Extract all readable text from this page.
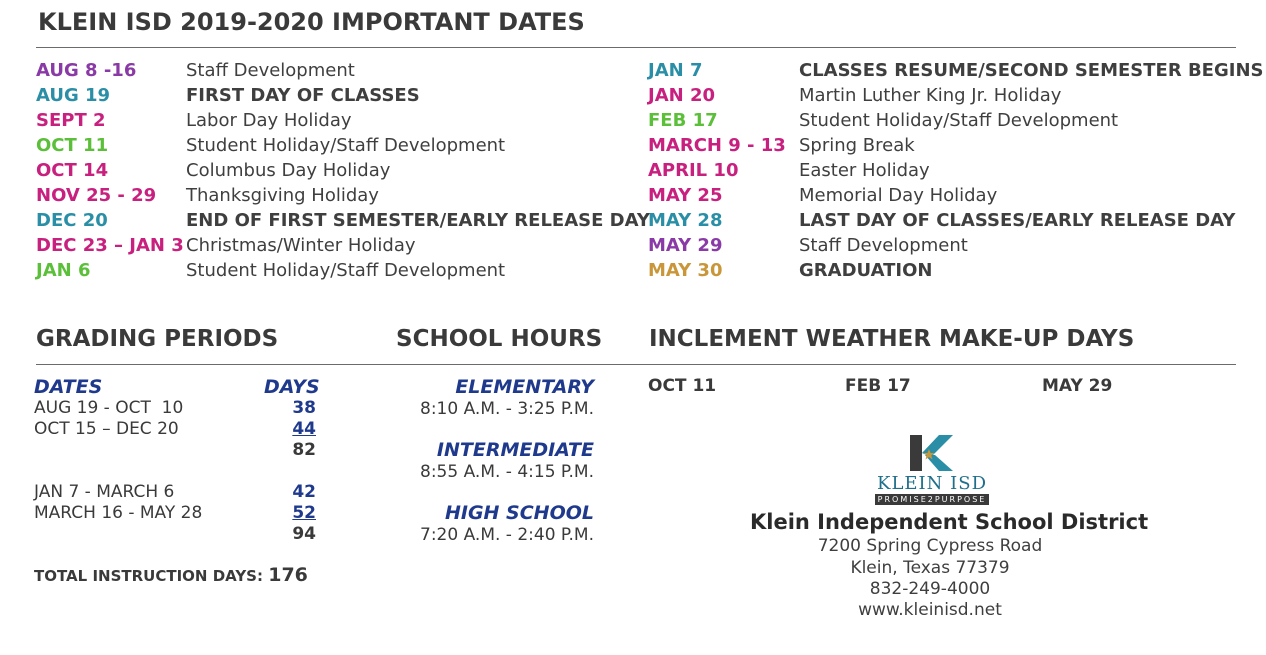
KLEIN ISD 2019-2020 IMPORTANT DATES
AUG 8 -16	Staff Development
AUG 19	FIRST DAY OF CLASSES
SEPT 2	Labor Day Holiday
OCT 11	Student Holiday/Staff Development
OCT 14	Columbus Day Holiday
NOV 25 - 29 Thanksgiving Holiday
DEC 20	END OF FIRST SEMESTER/EARLY RELEASE DAY
DEC 23 – JAN 3 Christmas/Winter Holiday
JAN 6	Student Holiday/Staff Development
JAN 7	CLASSES RESUME/SECOND SEMESTER BEGINS
JAN 20	Martin Luther King Jr. Holiday
FEB 17	Student Holiday/Staff Development
MARCH 9 - 13 Spring Break
APRIL 10	Easter Holiday
MAY 25	Memorial Day Holiday
MAY 28	LAST DAY OF CLASSES/EARLY RELEASE DAY
MAY 29	Staff Development
MAY 30	GRADUATION
GRADING PERIODS
DATES	DAYS
AUG 19 - OCT  10	38
OCT 15 – DEC 20	44
82
JAN 7 - MARCH 6	42
MARCH 16 - MAY 28	52
94
TOTAL INSTRUCTION DAYS: 176
SCHOOL HOURS
ELEMENTARY
8:10 A.M. - 3:25 P.M.
INTERMEDIATE
8:55 A.M. - 4:15 P.M.
HIGH SCHOOL
7:20 A.M. - 2:40 P.M.
INCLEMENT WEATHER MAKE-UP DAYS
OCT 11	FEB 17	MAY 29
KLEIN ISD
PROMISE2PURPOSE
Klein Independent School District
7200 Spring Cypress Road
Klein, Texas 77379
832-249-4000
www.kleinisd.net
